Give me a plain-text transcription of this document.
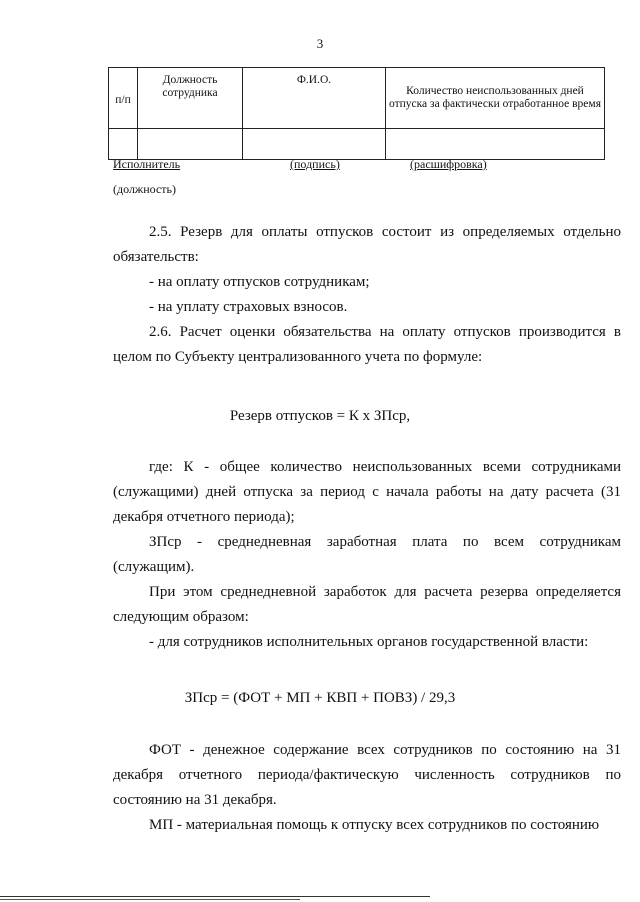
3
п/п	Должность сотрудника	Ф.И.О.	Количество неиспользованных дней отпуска за фактически отработанное время

Исполнитель	(подпись)	(расшифровка)
(должность)

2.5. Резерв для оплаты отпусков состоит из определяемых отдельно обязательств:

- на оплату отпусков сотрудникам;

- на уплату страховых взносов.

2.6. Расчет оценки обязательства на оплату отпусков производится в целом по Субъекту централизованного учета по формуле:

Резерв отпусков = К х ЗПср,

где: К - общее количество неиспользованных всеми сотрудниками (служащими) дней отпуска за период с начала работы на дату расчета (31 декабря отчетного периода);

ЗПср - среднедневная заработная плата по всем сотрудникам (служащим).

При этом среднедневной заработок для расчета резерва определяется следующим образом:

- для сотрудников исполнительных органов государственной власти:

ЗПср = (ФОТ + МП + КВП + ПОВЗ) / 29,3

ФОТ - денежное содержание всех сотрудников по состоянию на 31 декабря отчетного периода/фактическую численность сотрудников по состоянию на 31 декабря.

МП - материальная помощь к отпуску всех сотрудников по состоянию
